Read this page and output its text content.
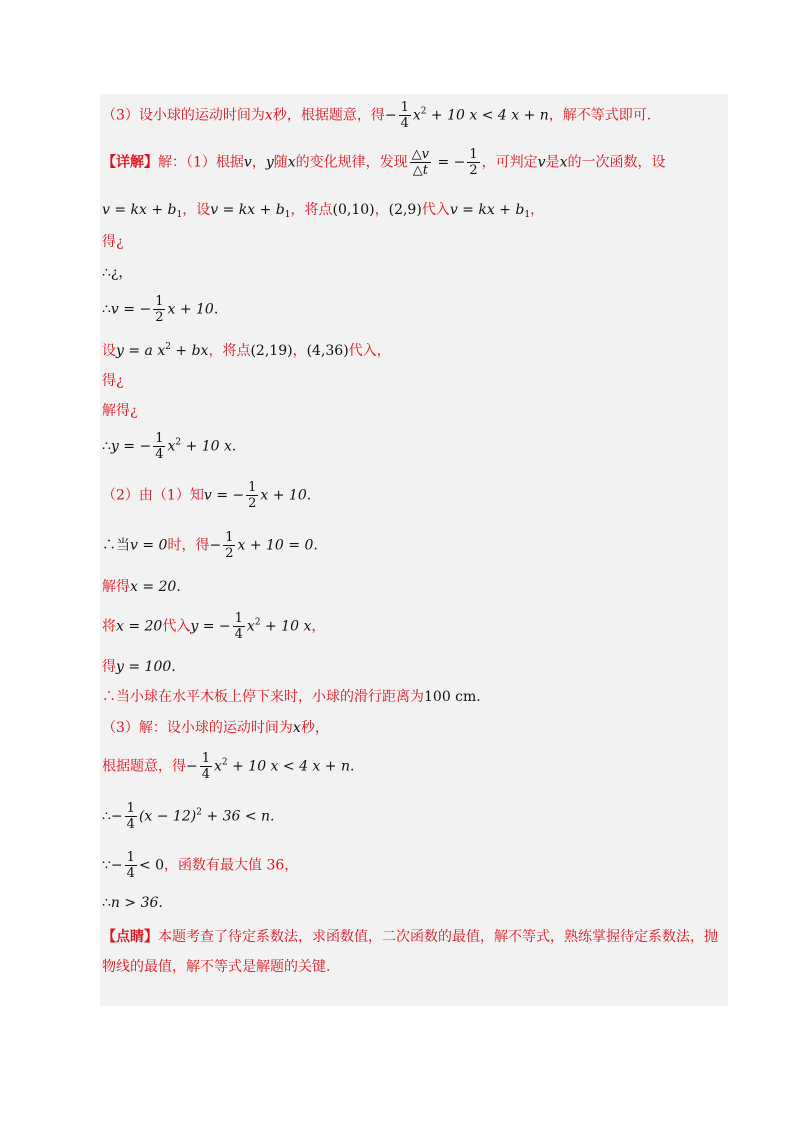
（3）设小球的运动时间为x秒，根据题意，得− $\frac{1}{4} x^2 + 10$ x < 4 x + n，解不等式即可.
【详解】解：（1）根据v，y随x的变化规律，发现 $\frac{\triangle v}{\triangle t}$ = − $\frac{1}{2}$ ，可判定v是x的一次函数，设
v = kx + $b_1$，设v = kx + $b_1$，将点(0,10)，(2,9)代入v = kx + $b_1$，
得¿
∴¿，
∴v = − $\frac{1}{2}$ x + 10.
设y = a $x^2$ + bx，将点(2,19)，(4,36)代入，
得¿
解得¿
∴y = − $\frac{1}{4} x^2 + 10$ x.
（2）由（1）知v = − $\frac{1}{2}$ x + 10.
∴当v = 0时，得− $\frac{1}{2}$ x + 10 = 0.
解得x = 20.
将x = 20代入y = − $\frac{1}{4} x^2 + 10$ x，
得y = 100.
∴当小球在水平木板上停下来时，小球的滑行距离为100 cm.
（3）解：设小球的运动时间为x秒，
根据题意，得− $\frac{1}{4} x^2 + 10$ x < 4 x + n.
∴− $\frac{1}{4} (x - 12)^2 + 36 < n$.
∵− $\frac{1}{4} < 0$，函数有最大值 36，
∴n > 36.
【点睛】本题考查了待定系数法，求函数值，二次函数的最值，解不等式，熟练掌握待定系数法，抛
物线的最值，解不等式是解题的关键.
